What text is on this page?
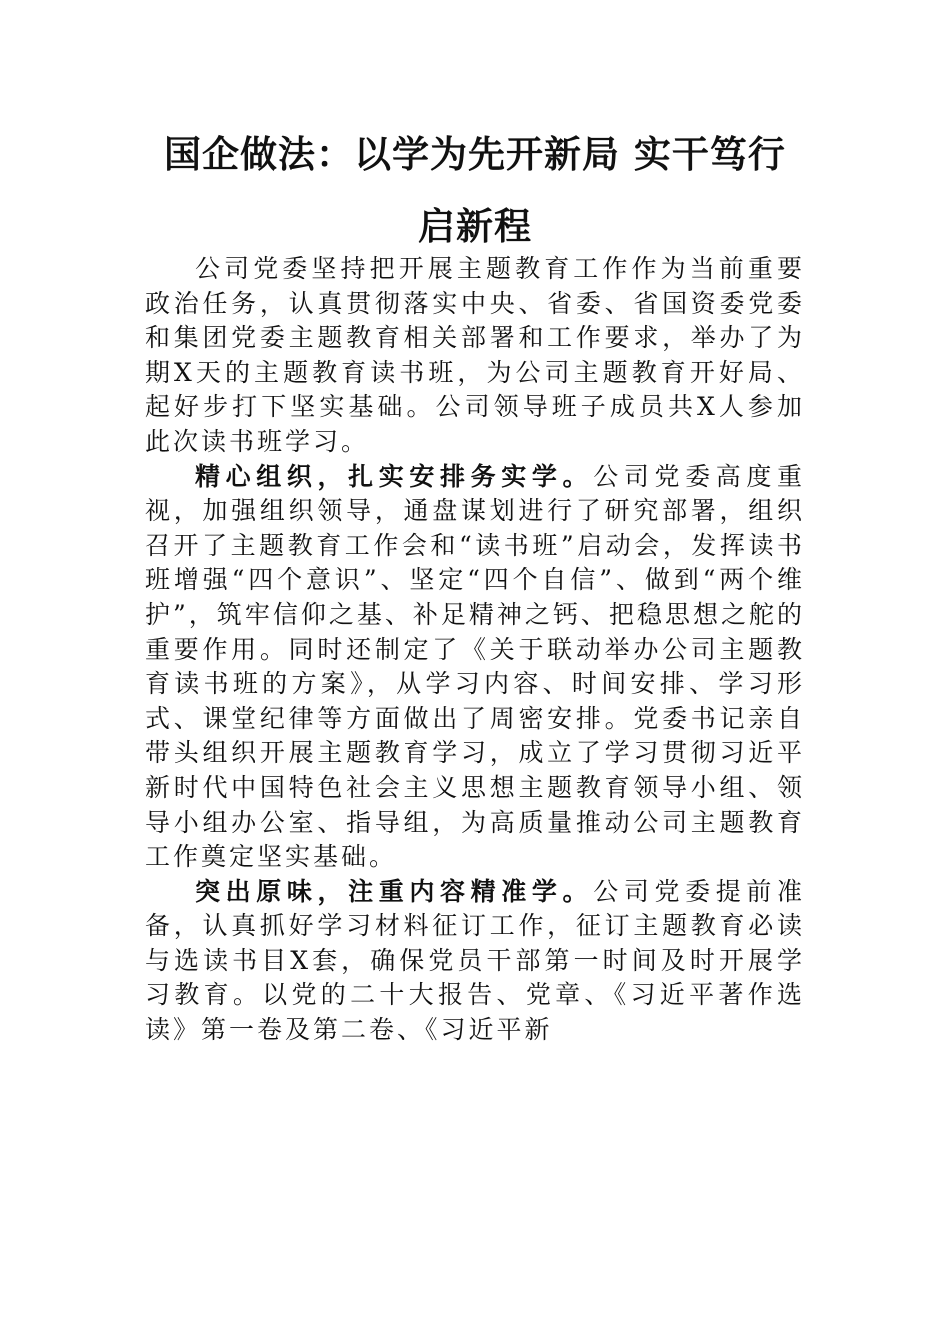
国企做法：以学为先开新局 实干笃行启新程

公司党委坚持把开展主题教育工作作为当前重要政治任务，认真贯彻落实中央、省委、省国资委党委和集团党委主题教育相关部署和工作要求，举办了为期X天的主题教育读书班，为公司主题教育开好局、起好步打下坚实基础。公司领导班子成员共X人参加此次读书班学习。

精心组织，扎实安排务实学。公司党委高度重视，加强组织领导，通盘谋划进行了研究部署，组织召开了主题教育工作会和“读书班”启动会，发挥读书班增强“四个意识”、坚定“四个自信”、做到“两个维护”，筑牢信仰之基、补足精神之钙、把稳思想之舵的重要作用。同时还制定了《关于联动举办公司主题教育读书班的方案》，从学习内容、时间安排、学习形式、课堂纪律等方面做出了周密安排。党委书记亲自带头组织开展主题教育学习，成立了学习贯彻习近平新时代中国特色社会主义思想主题教育领导小组、领导小组办公室、指导组，为高质量推动公司主题教育工作奠定坚实基础。

突出原味，注重内容精准学。公司党委提前准备，认真抓好学习材料征订工作，征订主题教育必读与选读书目X套，确保党员干部第一时间及时开展学习教育。以党的二十大报告、党章、《习近平著作选读》第一卷及第二卷、《习近平新
